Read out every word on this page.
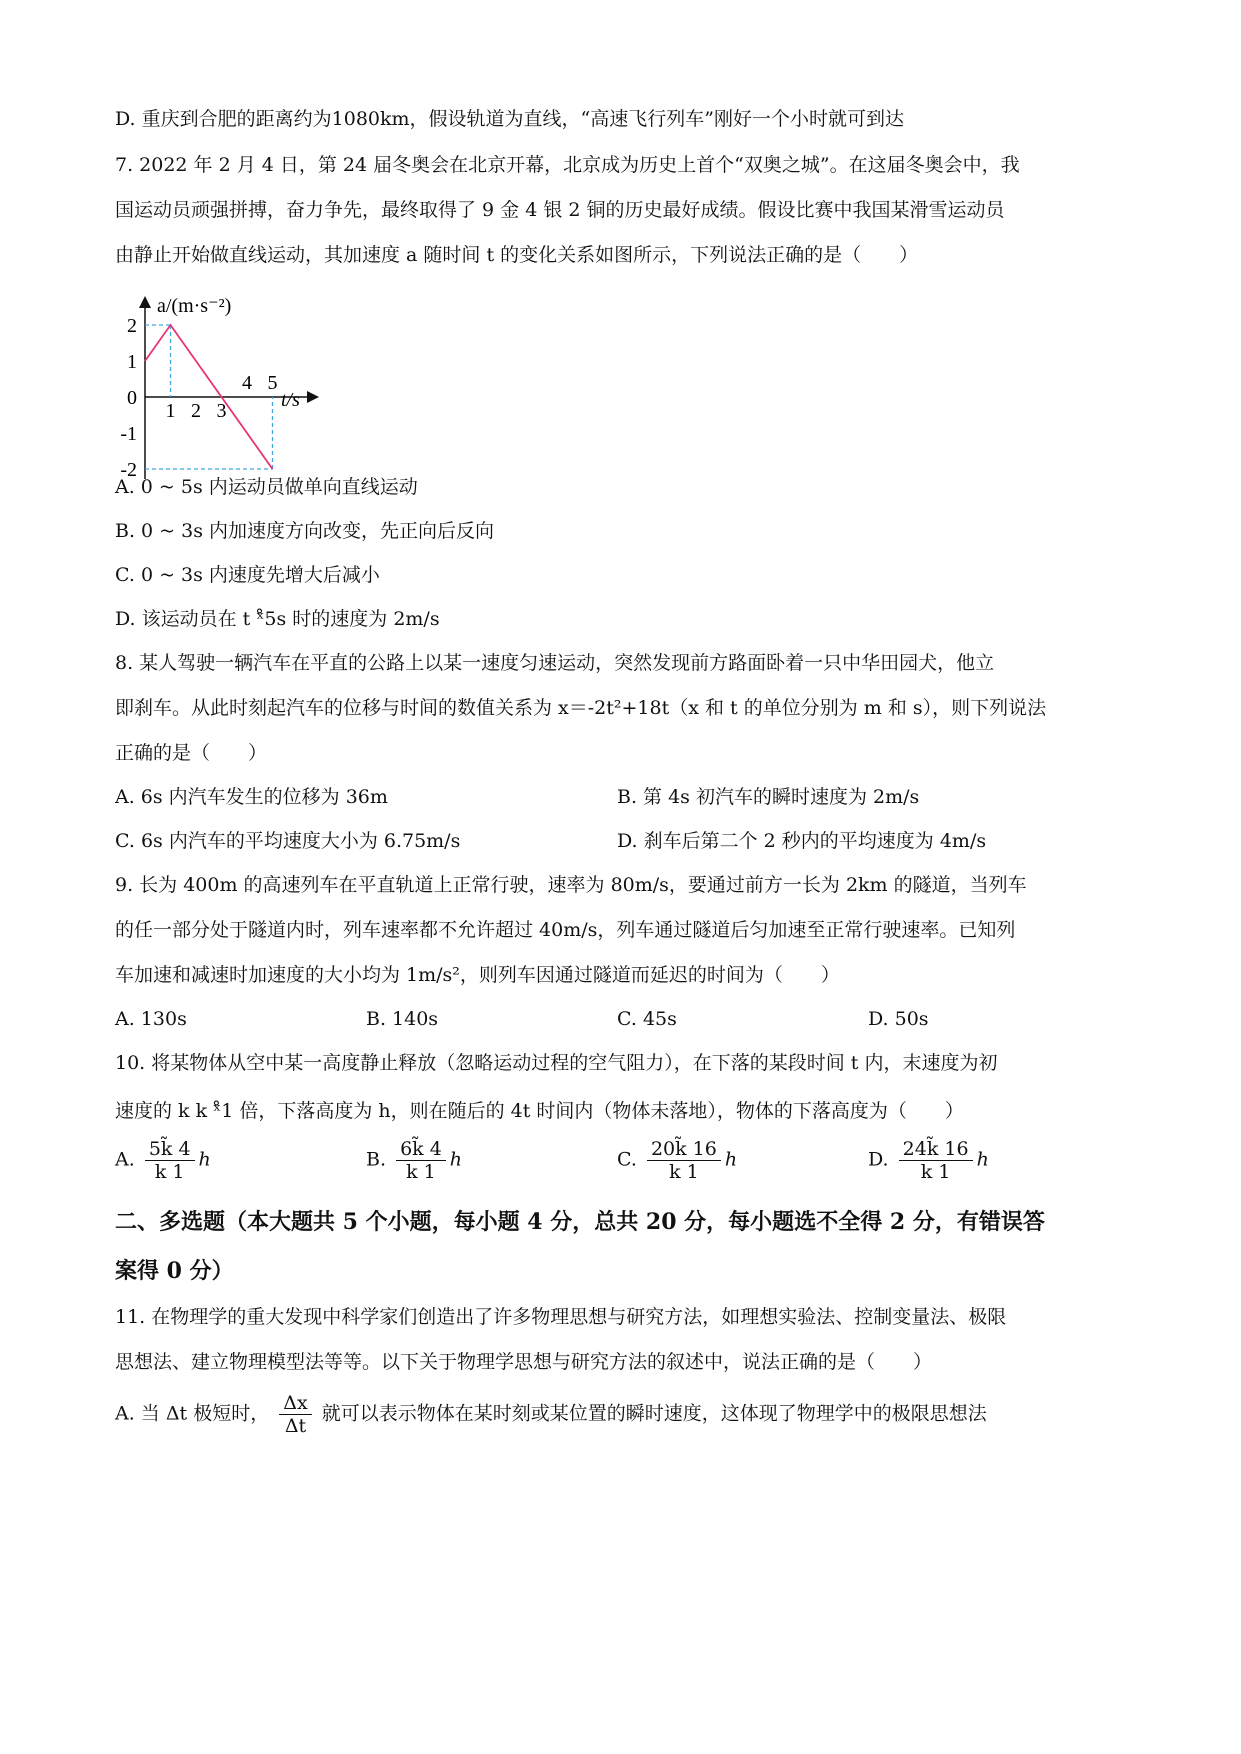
D. 重庆到合肥的距离约为1080km，假设轨道为直线，“高速飞行列车”刚好一个小时就可到达
7. 2022 年 2 月 4 日，第 24 届冬奥会在北京开幕，北京成为历史上首个“双奥之城”。在这届冬奥会中，我
国运动员顽强拼搏，奋力争先，最终取得了 9 金 4 银 2 铜的历史最好成绩。假设比赛中我国某滑雪运动员
由静止开始做直线运动，其加速度 a 随时间 t 的变化关系如图所示，下列说法正确的是（　　）
1 2 3
4 5
2
1
0
-1
-2
a/(m·s⁻²)
t/s
A. 0 ~ 5s 内运动员做单向直线运动
B. 0 ~ 3s 内加速度方向改变，先正向后反向
C. 0 ~ 3s 内速度先增大后减小
D. 该运动员在 t ˣ̊5s 时的速度为 2m/s
8. 某人驾驶一辆汽车在平直的公路上以某一速度匀速运动，突然发现前方路面卧着一只中华田园犬，他立
即刹车。从此时刻起汽车的位移与时间的数值关系为 x＝-2t²+18t（x 和 t 的单位分别为 m 和 s），则下列说法
正确的是（　　）
A. 6s 内汽车发生的位移为 36m	B. 第 4s 初汽车的瞬时速度为 2m/s
C. 6s 内汽车的平均速度大小为 6.75m/s	D. 刹车后第二个 2 秒内的平均速度为 4m/s
9. 长为 400m 的高速列车在平直轨道上正常行驶，速率为 80m/s，要通过前方一长为 2km 的隧道，当列车
的任一部分处于隧道内时，列车速率都不允许超过 40m/s，列车通过隧道后匀加速至正常行驶速率。已知列
车加速和减速时加速度的大小均为 1m/s²，则列车因通过隧道而延迟的时间为（　　）
A. 130s	B. 140s	C. 45s	D. 50s
10. 将某物体从空中某一高度静止释放（忽略运动过程的空气阻力），在下落的某段时间 t 内，末速度为初
速度的 k k ˣ̊1 倍，下落高度为 h，则在随后的 4t 时间内（物体未落地），物体的下落高度为（　　）
A. $\frac{5k̃ 4}{k 1}$ h	B. $\frac{6k̃ 4}{k 1}$ h	C. $\frac{20k̃ 16}{k 1}$ h	D. $\frac{24k̃ 16}{k 1}$ h
二、多选题（本大题共 5 个小题，每小题 4 分，总共 20 分，每小题选不全得 2 分，有错误答
案得 0 分）
11. 在物理学的重大发现中科学家们创造出了许多物理思想与研究方法，如理想实验法、控制变量法、极限
思想法、建立物理模型法等等。以下关于物理学思想与研究方法的叙述中，说法正确的是（　　）
A. 当 Δt 极短时， $\frac{\Delta x}{\Delta t}$ 就可以表示物体在某时刻或某位置的瞬时速度，这体现了物理学中的极限思想法
